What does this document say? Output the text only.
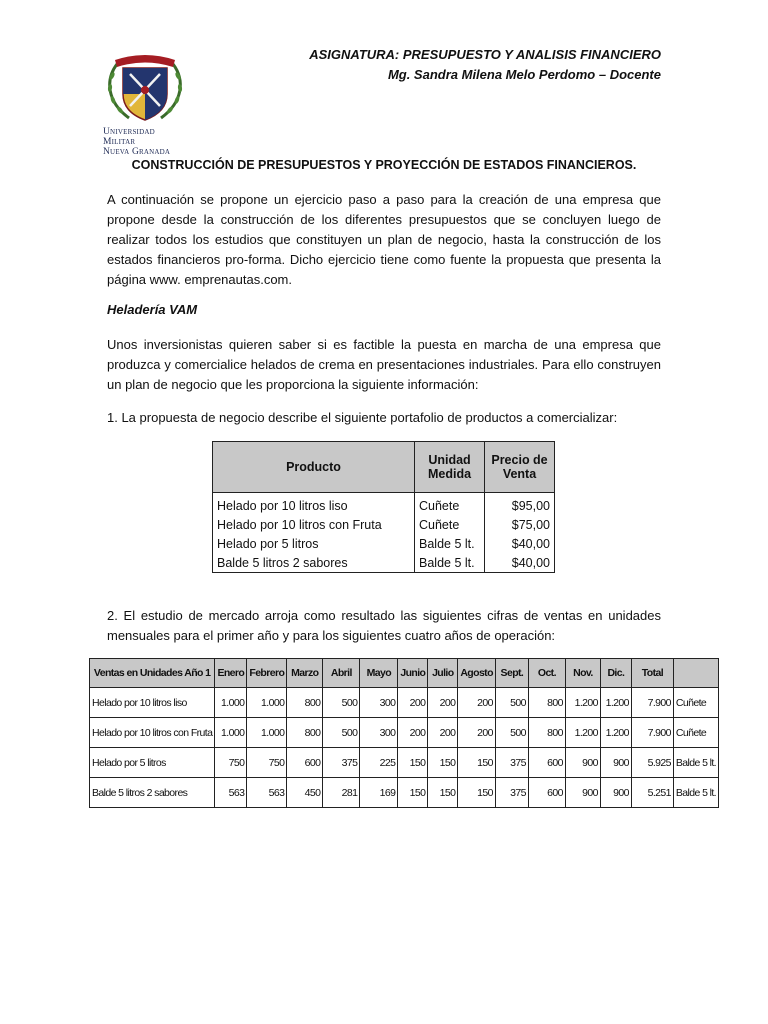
Universidad Militar
Nueva Granada
ASIGNATURA: PRESUPUESTO Y ANALISIS FINANCIERO
Mg. Sandra Milena Melo Perdomo – Docente
CONSTRUCCIÓN DE PRESUPUESTOS Y PROYECCIÓN DE ESTADOS FINANCIEROS.

A continuación se propone un ejercicio paso a paso para la creación de una empresa que propone desde la construcción de los diferentes presupuestos que se concluyen luego de realizar todos los estudios que constituyen un plan de negocio, hasta la construcción de los estados financieros pro-forma. Dicho ejercicio tiene como fuente la propuesta que presenta la página www. emprenautas.com.

Heladería VAM

Unos inversionistas quieren saber si es factible la puesta en marcha de una empresa que produzca y comercialice helados de crema en presentaciones industriales. Para ello construyen un plan de negocio que les proporciona la siguiente información:

1. La propuesta de negocio describe el siguiente portafolio de productos a comercializar:

Producto	Unidad Medida	Precio de Venta
Helado por 10 litros liso	Cuñete	$95,00
Helado por 10 litros con Fruta	Cuñete	$75,00
Helado por 5 litros	Balde 5 lt.	$40,00
Balde 5 litros 2 sabores	Balde 5 lt.	$40,00

2. El estudio de mercado arroja como resultado las siguientes cifras de ventas en unidades mensuales para el primer año y para los siguientes cuatro años de operación:

Ventas en Unidades Año 1	Enero	Febrero	Marzo	Abril	Mayo	Junio	Julio	Agosto	Sept.	Oct.	Nov.	Dic.	Total	
Helado por 10 litros liso	1.000	1.000	800	500	300	200	200	200	500	800	1.200	1.200	7.900	Cuñete
Helado por 10 litros con Fruta	1.000	1.000	800	500	300	200	200	200	500	800	1.200	1.200	7.900	Cuñete
Helado por 5 litros	750	750	600	375	225	150	150	150	375	600	900	900	5.925	Balde 5 lt.
Balde 5 litros 2 sabores	563	563	450	281	169	150	150	150	375	600	900	900	5.251	Balde 5 lt.
